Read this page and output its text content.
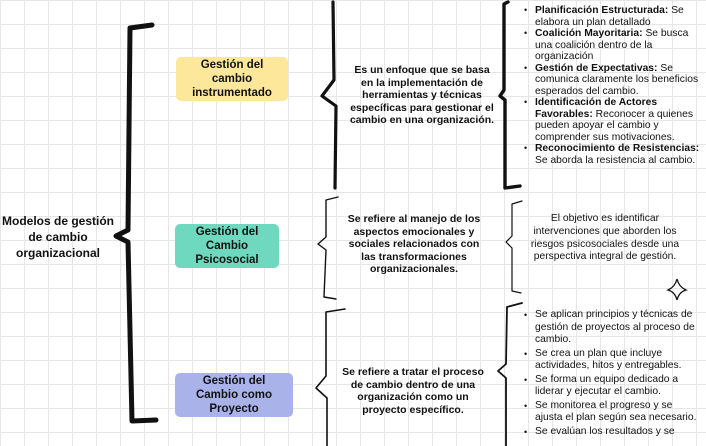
Modelos de gestión de cambio organizacional
Gestión del cambio instrumentado
Es un enfoque que se basa en la implementación de herramientas y técnicas específicas para gestionar el cambio en una organización.
• Planificación Estructurada: Se elabora un plan detallado
• Coalición Mayoritaria: Se busca una coalición dentro de la organización
• Gestión de Expectativas: Se comunica claramente los beneficios esperados del cambio.
• Identificación de Actores Favorables: Reconocer a quienes pueden apoyar el cambio y comprender sus motivaciones.
• Reconocimiento de Resistencias: Se aborda la resistencia al cambio.
Gestión del Cambio Psicosocial
Se refiere al manejo de los aspectos emocionales y sociales relacionados con las transformaciones organizacionales.
El objetivo es identificar intervenciones que aborden los riesgos psicosociales desde una perspectiva integral de gestión.
Gestión del Cambio como Proyecto
Se refiere a tratar el proceso de cambio dentro de una organización como un proyecto específico.
• Se aplican principios y técnicas de gestión de proyectos al proceso de cambio.
• Se crea un plan que incluye actividades, hitos y entregables.
• Se forma un equipo dedicado a liderar y ejecutar el cambio.
• Se monitorea el progreso y se ajusta el plan según sea necesario.
• Se evalúan los resultados y se
